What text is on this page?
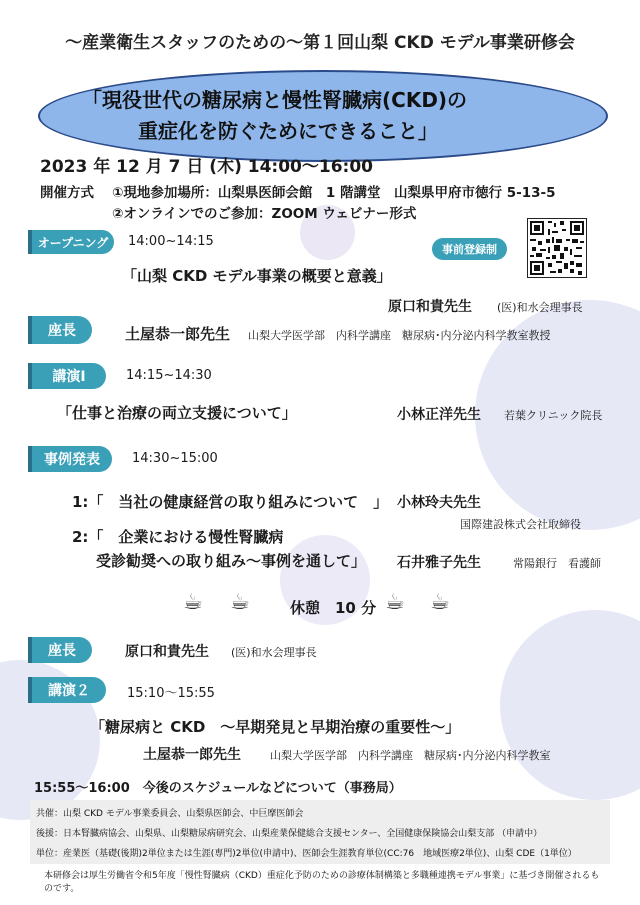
〜産業衛生スタッフのための〜第１回山梨 CKD モデル事業研修会
「現役世代の糖尿病と慢性腎臓病(CKD)の
重症化を防ぐためにできること」
2023 年 12 月 7 日 (木) 14:00〜16:00
開催方式 ①現地参加場所：山梨県医師会館　1 階講堂　山梨県甲府市徳行 5-13-5
②オンラインでのご参加：ZOOM ウェビナー形式
事前登録制
オープニング	14:00~14:15
「山梨 CKD モデル事業の概要と意義」
原口和貴先生 (医)和水会理事長
座長	土屋恭一郎先生 山梨大学医学部　内科学講座　糖尿病･内分泌内科学教室教授
講演Ⅰ	14:15~14:30
「仕事と治療の両立支援について」	小林正洋先生 若葉クリニック院長
事例発表	14:30~15:00
1:「　当社の健康経営の取り組みについて　」 小林玲夫先生
国際建設株式会社取締役
2:「　企業における慢性腎臓病
受診勧奨への取り組み～事例を通して」 石井雅子先生	常陽銀行　看護師
☕ ☕	休憩　10 分 ☕ ☕
座長	原口和貴先生 (医)和水会理事長
講演２	15:10〜15:55
「糖尿病と CKD　～早期発見と早期治療の重要性～」
土屋恭一郎先生	山梨大学医学部　内科学講座　糖尿病･内分泌内科学教室
15:55～16:00　今後のスケジュールなどについて（事務局）
共催：山梨 CKD モデル事業委員会、山梨県医師会、中巨摩医師会
後援：日本腎臓病協会、山梨県、山梨糖尿病研究会、山梨産業保健総合支援センター、全国健康保険協会山梨支部 （申請中）
単位：産業医（基礎(後期)2単位または生涯(専門)2単位(申請中)、医師会生涯教育単位(CC:76　地域医療2単位)、山梨 CDE（1単位）
本研修会は厚生労働省令和5年度「慢性腎臓病（CKD）重症化予防のための診療体制構築と多職種連携モデル事業」に基づき開催されるものです。
